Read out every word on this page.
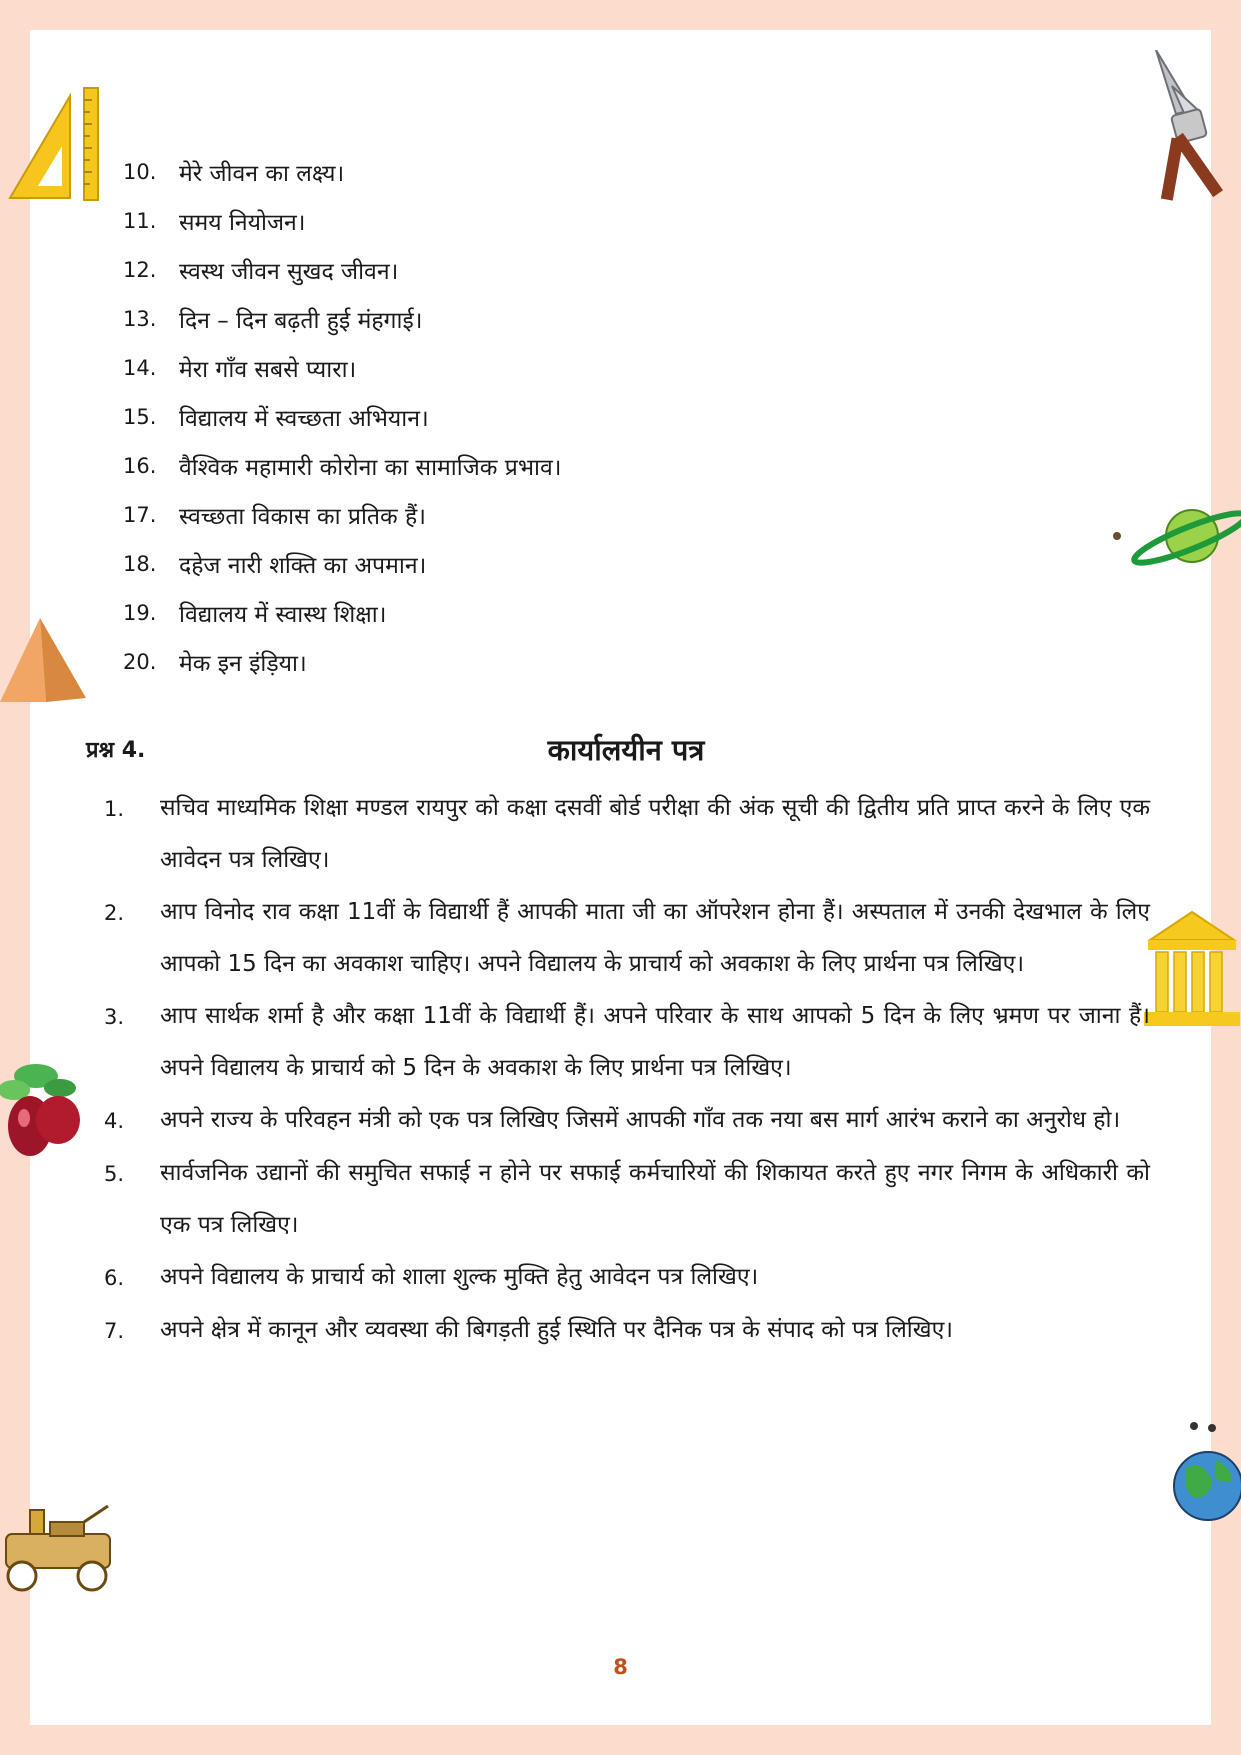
10. मेरे जीवन का लक्ष्य।
11. समय नियोजन।
12. स्वस्थ जीवन सुखद जीवन।
13. दिन – दिन बढ़ती हुई मंहगाई।
14. मेरा गाँव सबसे प्यारा।
15. विद्यालय में स्वच्छता अभियान।
16. वैश्विक महामारी कोरोना का सामाजिक प्रभाव।
17. स्वच्छता विकास का प्रतिक हैं।
18. दहेज नारी शक्ति का अपमान।
19. विद्यालय में स्वास्थ शिक्षा।
20. मेक इन इंड़िया।
कार्यालयीन पत्र
प्रश्न 4.
1.	सचिव माध्यमिक शिक्षा मण्डल रायपुर को कक्षा दसवीं बोर्ड परीक्षा की अंक सूची की द्वितीय प्रति प्राप्त करने के लिए एक आवेदन पत्र लिखिए।
2.	आप विनोद राव कक्षा 11वीं के विद्यार्थी हैं आपकी माता जी का ऑपरेशन होना हैं। अस्पताल में उनकी देखभाल के लिए आपको 15 दिन का अवकाश चाहिए। अपने विद्यालय के प्राचार्य को अवकाश के लिए प्रार्थना पत्र लिखिए।
3.	आप सार्थक शर्मा है और कक्षा 11वीं के विद्यार्थी हैं। अपने परिवार के साथ आपको 5 दिन के लिए भ्रमण पर जाना हैं। अपने विद्यालय के प्राचार्य को 5 दिन के अवकाश के लिए प्रार्थना पत्र लिखिए।
4.	अपने राज्य के परिवहन मंत्री को एक पत्र लिखिए जिसमें आपकी गाँव तक नया बस मार्ग आरंभ कराने का अनुरोध हो।
5.	सार्वजनिक उद्यानों की समुचित सफाई न होने पर सफाई कर्मचारियों की शिकायत करते हुए नगर निगम के अधिकारी को एक पत्र लिखिए।
6.	अपने विद्यालय के प्राचार्य को शाला शुल्क मुक्ति हेतु आवेदन पत्र लिखिए।
7.	अपने क्षेत्र में कानून और व्यवस्था की बिगड़ती हुई स्थिति पर दैनिक पत्र के संपाद को पत्र लिखिए।
8
